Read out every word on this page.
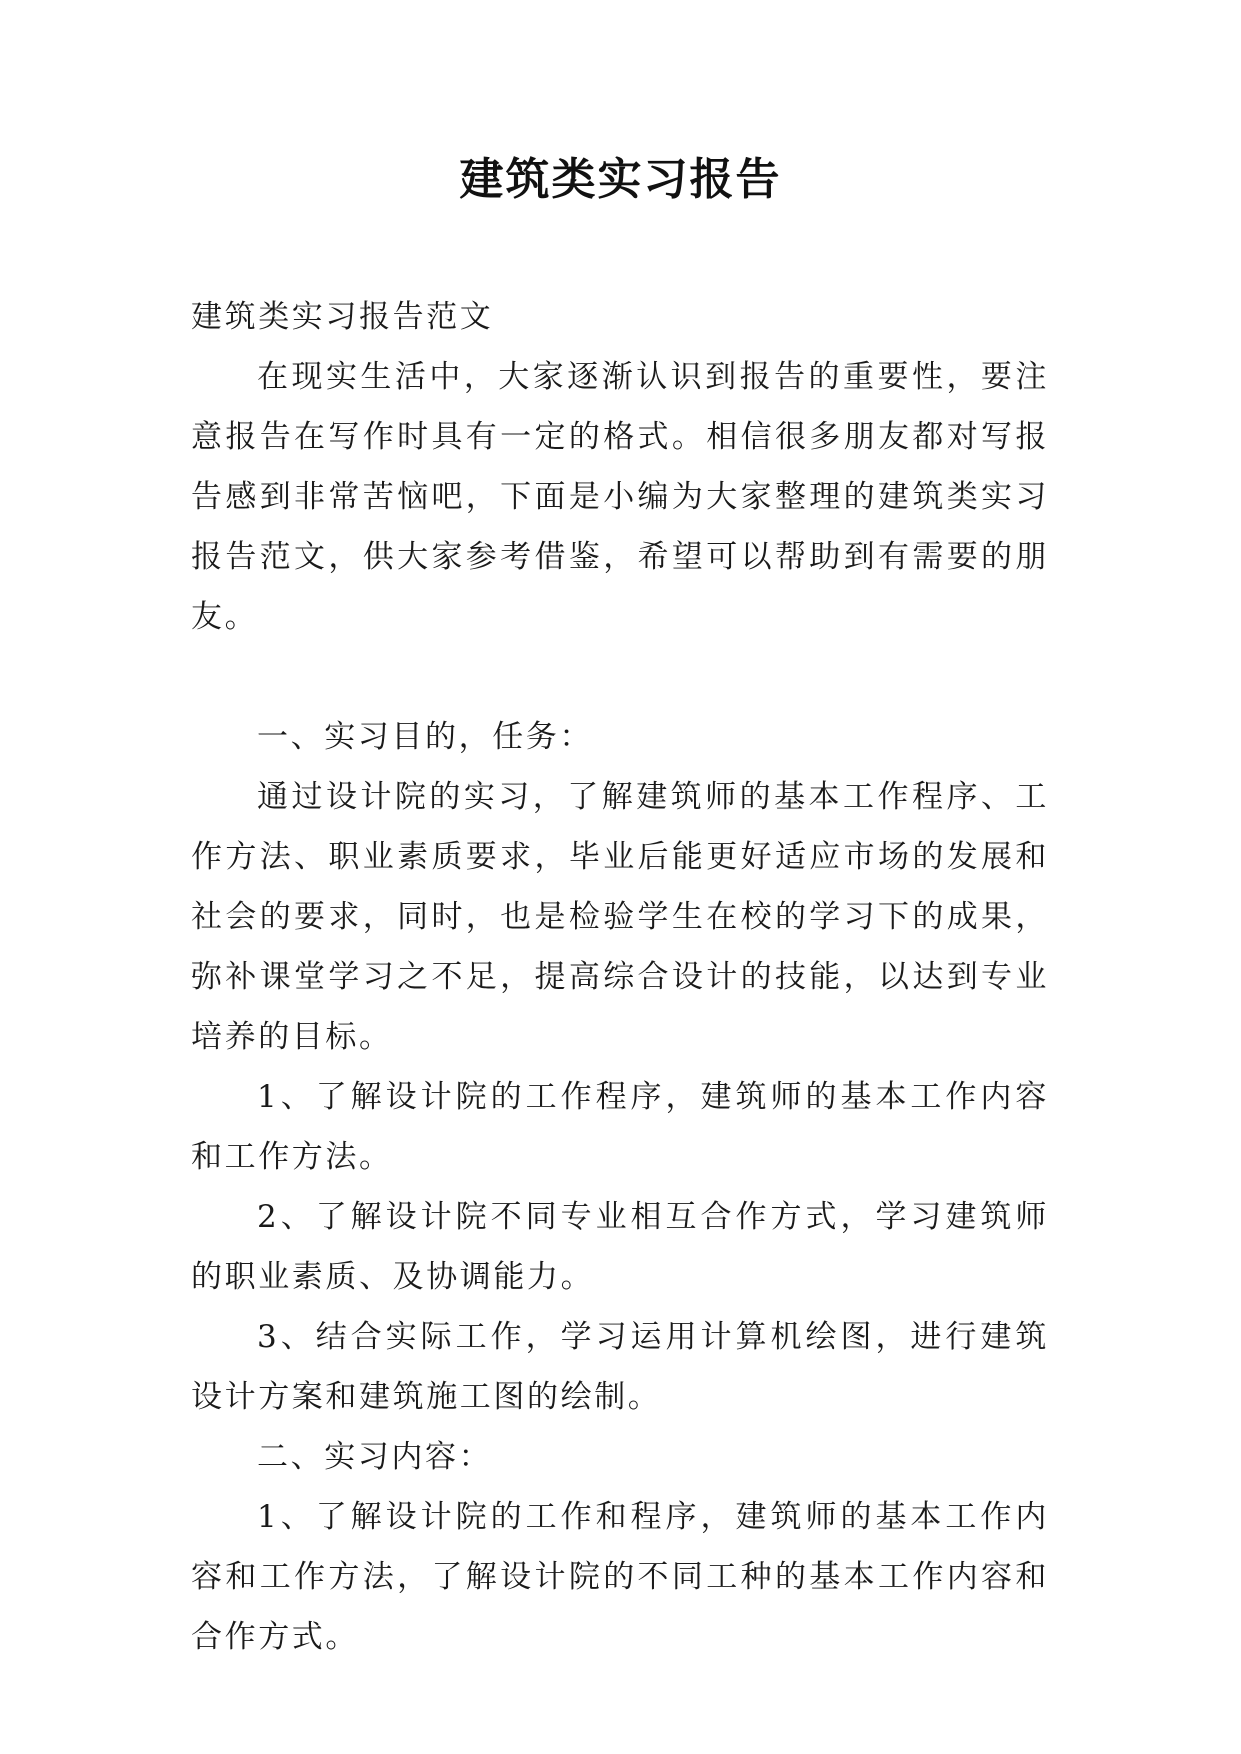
建筑类实习报告

建筑类实习报告范文

在现实生活中，大家逐渐认识到报告的重要性，要注意报告在写作时具有一定的格式。相信很多朋友都对写报告感到非常苦恼吧，下面是小编为大家整理的建筑类实习报告范文，供大家参考借鉴，希望可以帮助到有需要的朋友。

一、实习目的，任务：

通过设计院的实习，了解建筑师的基本工作程序、工作方法、职业素质要求，毕业后能更好适应市场的发展和社会的要求，同时，也是检验学生在校的学习下的成果，弥补课堂学习之不足，提高综合设计的技能，以达到专业培养的目标。

1、了解设计院的工作程序，建筑师的基本工作内容和工作方法。

2、了解设计院不同专业相互合作方式，学习建筑师的职业素质、及协调能力。

3、结合实际工作，学习运用计算机绘图，进行建筑设计方案和建筑施工图的绘制。

二、实习内容：

1、了解设计院的工作和程序，建筑师的基本工作内容和工作方法，了解设计院的不同工种的基本工作内容和合作方式。
